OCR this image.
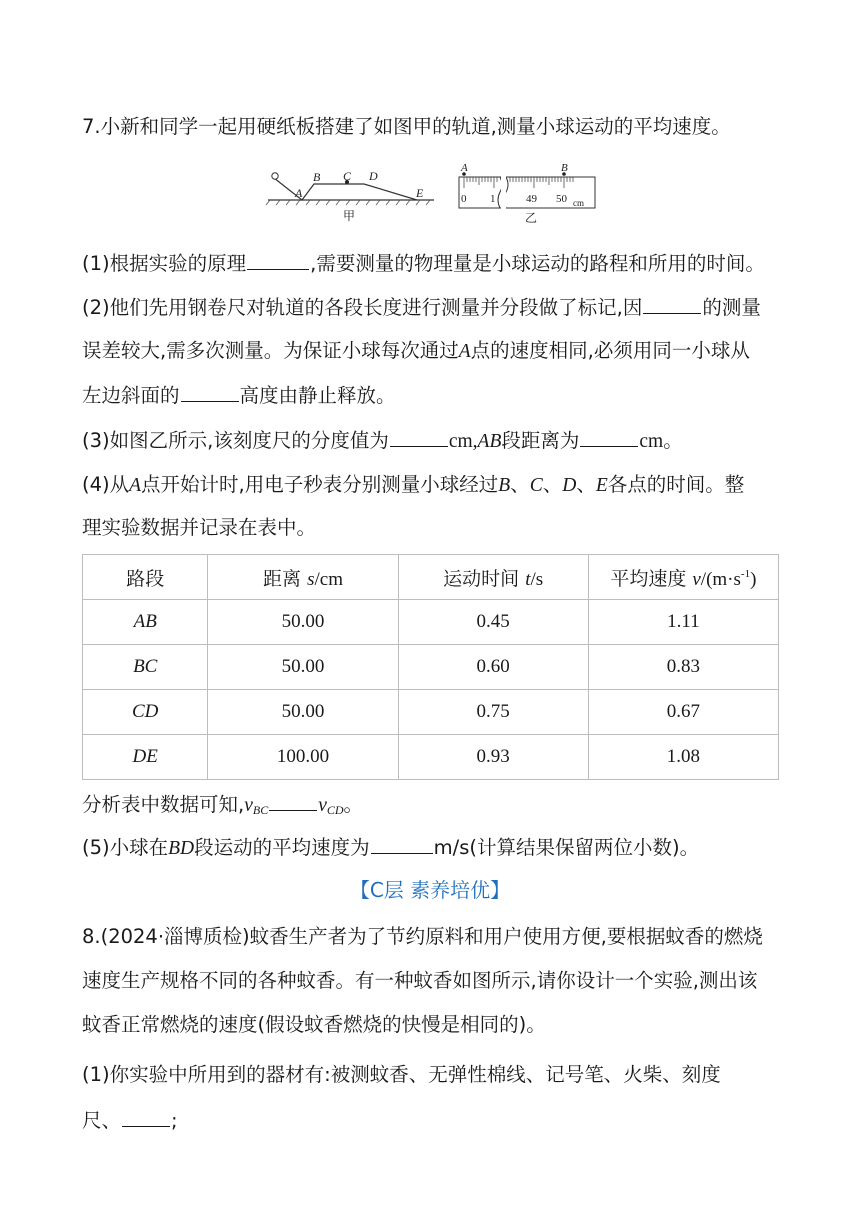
7.小新和同学一起用硬纸板搭建了如图甲的轨道,测量小球运动的平均速度。
A
B C D
E
甲
A	B
0 1	49 50 cm
乙
(1)根据实验的原理	,需要测量的物理量是小球运动的路程和所用的时间。
(2)他们先用钢卷尺对轨道的各段长度进行测量并分段做了标记,因	的测量
误差较大,需多次测量。为保证小球每次通过A点的速度相同,必须用同一小球从
左边斜面的	高度由静止释放。
(3)如图乙所示,该刻度尺的分度值为	cm,AB段距离为	cm。
(4)从A点开始计时,用电子秒表分别测量小球经过B、C、D、E各点的时间。整
理实验数据并记录在表中。
路段	距离 s/cm	运动时间 t/s	平均速度 $v/(m\cdot s^{-1})$
AB	50.00	0.45	1.11
BC	50.00	0.60	0.83
CD	50.00	0.75	0.67
DE	100.00	0.93	1.08
分析表中数据可知$,v_{BC}$	$v_{CD}$。
(5)小球在BD段运动的平均速度为	m/s(计算结果保留两位小数)。
【C层 素养培优】
8.(2024·淄博质检)蚊香生产者为了节约原料和用户使用方便,要根据蚊香的燃烧
速度生产规格不同的各种蚊香。有一种蚊香如图所示,请你设计一个实验,测出该
蚊香正常燃烧的速度(假设蚊香燃烧的快慢是相同的)。
(1)你实验中所用到的器材有:被测蚊香、无弹性棉线、记号笔、火柴、刻度
尺、	;
